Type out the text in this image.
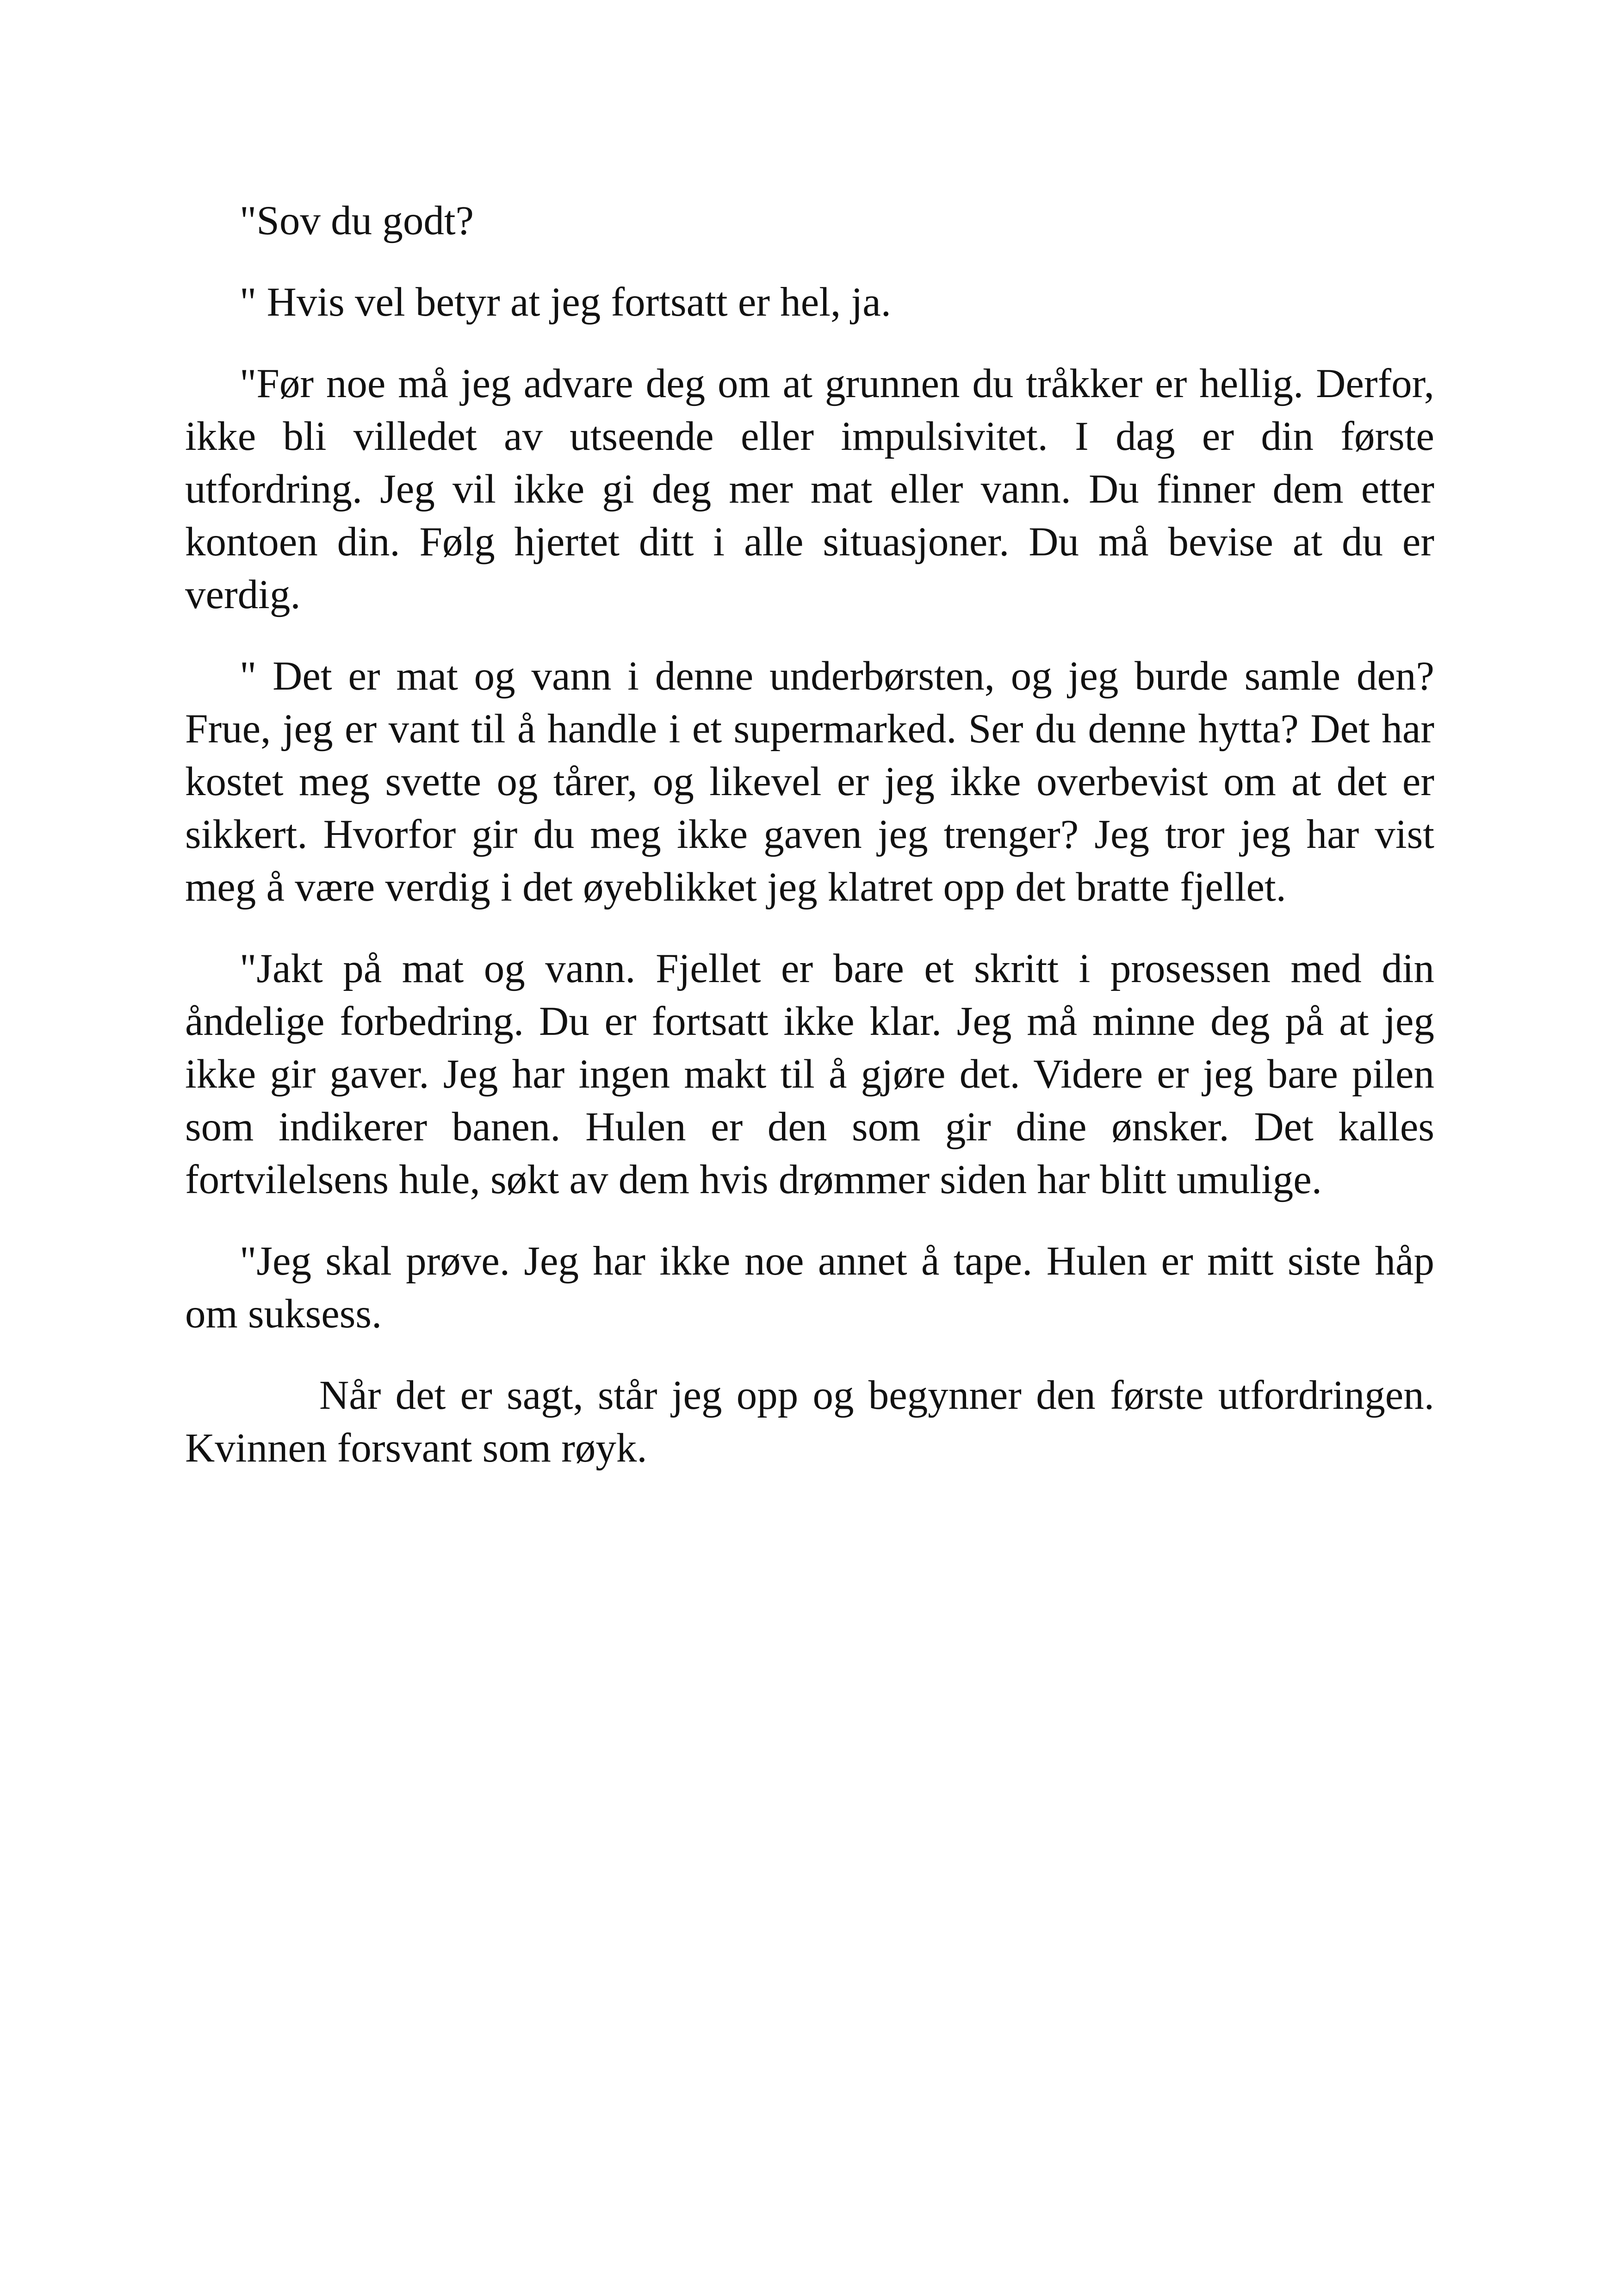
"Sov du godt?

" Hvis vel betyr at jeg fortsatt er hel, ja.

"Før noe må jeg advare deg om at grunnen du tråkker er hellig. Derfor, ikke bli villedet av utseende eller impulsivitet. I dag er din første utfordring. Jeg vil ikke gi deg mer mat eller vann. Du finner dem etter kontoen din. Følg hjertet ditt i alle situasjoner. Du må bevise at du er verdig.

" Det er mat og vann i denne underbørsten, og jeg burde samle den? Frue, jeg er vant til å handle i et supermarked. Ser du denne hytta? Det har kostet meg svette og tårer, og likevel er jeg ikke overbevist om at det er sikkert. Hvorfor gir du meg ikke gaven jeg trenger? Jeg tror jeg har vist meg å være verdig i det øyeblikket jeg klatret opp det bratte fjellet.

"Jakt på mat og vann. Fjellet er bare et skritt i prosessen med din åndelige forbedring. Du er fortsatt ikke klar. Jeg må minne deg på at jeg ikke gir gaver. Jeg har ingen makt til å gjøre det. Videre er jeg bare pilen som indikerer banen. Hulen er den som gir dine ønsker. Det kalles fortvilelsens hule, søkt av dem hvis drømmer siden har blitt umulige.

"Jeg skal prøve. Jeg har ikke noe annet å tape. Hulen er mitt siste håp om suksess.

Når det er sagt, står jeg opp og begynner den første utfordringen. Kvinnen forsvant som røyk.
